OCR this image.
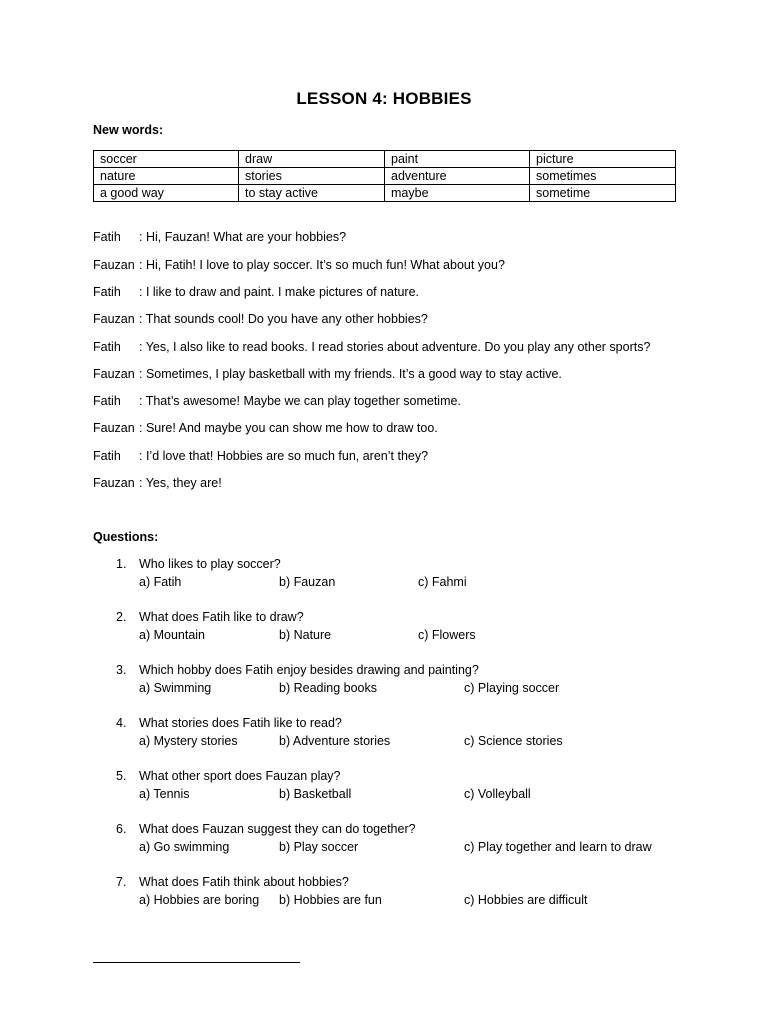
LESSON 4: HOBBIES
New words:
soccer	draw	paint	picture
nature	stories	adventure	sometimes
a good way	to stay active	maybe	sometime
Fatih : Hi, Fauzan! What are your hobbies?
Fauzan : Hi, Fatih! I love to play soccer. It’s so much fun! What about you?
Fatih : I like to draw and paint. I make pictures of nature.
Fauzan : That sounds cool! Do you have any other hobbies?
Fatih : Yes, I also like to read books. I read stories about adventure. Do you play any other sports?
Fauzan : Sometimes, I play basketball with my friends. It’s a good way to stay active.
Fatih : That’s awesome! Maybe we can play together sometime.
Fauzan : Sure! And maybe you can show me how to draw too.
Fatih : I’d love that! Hobbies are so much fun, aren’t they?
Fauzan : Yes, they are!
Questions:
1.	Who likes to play soccer?
a) Fatih	b) Fauzan	c) Fahmi
2.	What does Fatih like to draw?
a) Mountain	b) Nature	c) Flowers
3.	Which hobby does Fatih enjoy besides drawing and painting?
a) Swimming	b) Reading books	c) Playing soccer
4.	What stories does Fatih like to read?
a) Mystery stories	b) Adventure stories	c) Science stories
5.	What other sport does Fauzan play?
a) Tennis	b) Basketball	c) Volleyball
6.	What does Fauzan suggest they can do together?
a) Go swimming	b) Play soccer	c) Play together and learn to draw
7.	What does Fatih think about hobbies?
a) Hobbies are boring b) Hobbies are fun	c) Hobbies are difficult
